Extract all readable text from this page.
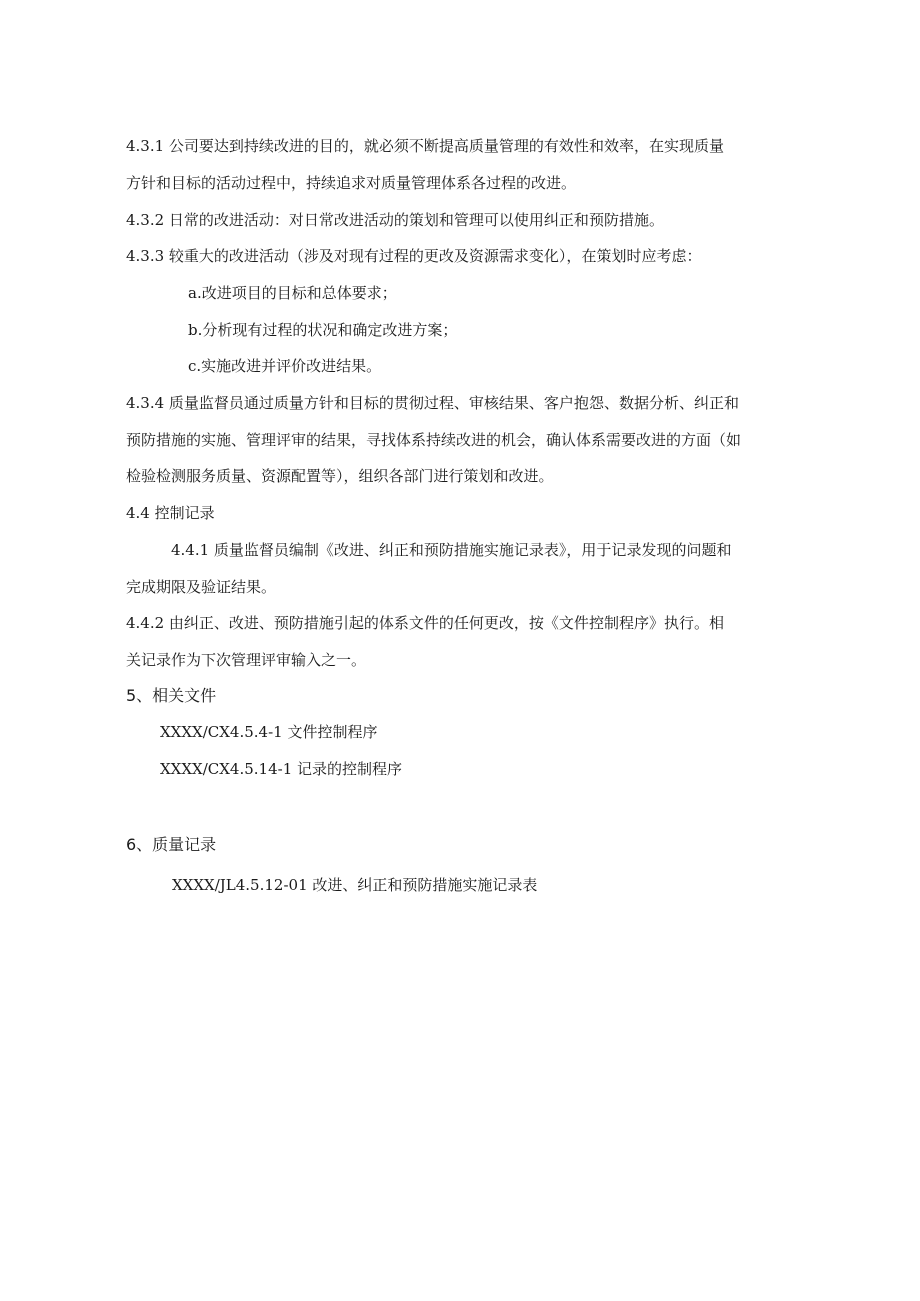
4.3.1 公司要达到持续改进的目的，就必须不断提高质量管理的有效性和效率，在实现质量
方针和目标的活动过程中，持续追求对质量管理体系各过程的改进。
4.3.2 日常的改进活动：对日常改进活动的策划和管理可以使用纠正和预防措施。
4.3.3 较重大的改进活动（涉及对现有过程的更改及资源需求变化），在策划时应考虑：
a.改进项目的目标和总体要求；
b.分析现有过程的状况和确定改进方案；
c.实施改进并评价改进结果。
4.3.4 质量监督员通过质量方针和目标的贯彻过程、审核结果、客户抱怨、数据分析、纠正和
预防措施的实施、管理评审的结果，寻找体系持续改进的机会，确认体系需要改进的方面（如
检验检测服务质量、资源配置等），组织各部门进行策划和改进。
4.4 控制记录
4.4.1 质量监督员编制《改进、纠正和预防措施实施记录表》，用于记录发现的问题和
完成期限及验证结果。
4.4.2 由纠正、改进、预防措施引起的体系文件的任何更改，按《文件控制程序》执行。相
关记录作为下次管理评审输入之一。
5、相关文件
XXXX/CX4.5.4-1 文件控制程序
XXXX/CX4.5.14-1 记录的控制程序
6、质量记录
XXXX/JL4.5.12-01 改进、纠正和预防措施实施记录表
